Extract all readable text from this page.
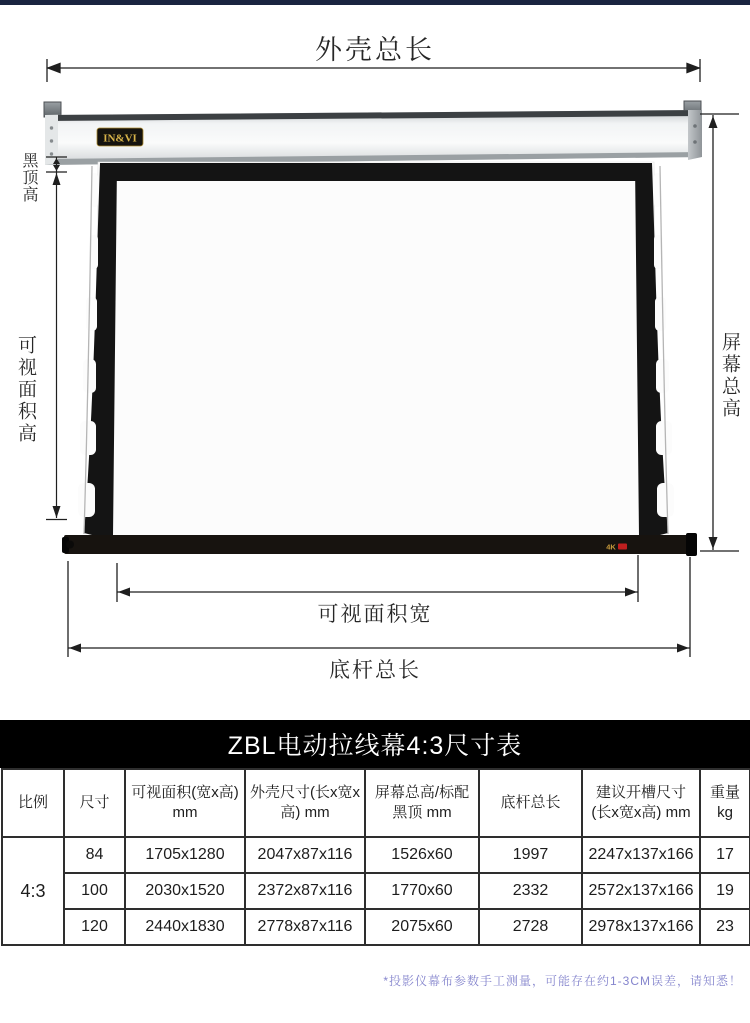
IN&VI
4K
外壳总长
黑顶高
可视面积高	屏幕总高
可视面积宽
底杆总长
ZBL电动拉线幕4:3尺寸表
比例	尺寸	可视面积(宽x高) mm	外壳尺寸(长x宽x高) mm	屏幕总高/标配黑顶 mm	底杆总长	建议开槽尺寸 (长x宽x高) mm	重量kg
4:3	84	1705x1280	2047x87x116	1526x60	1997	2247x137x166	17
	100	2030x1520	2372x87x116	1770x60	2332	2572x137x166	19
	120	2440x1830	2778x87x116	2075x60	2728	2978x137x166	23
*投影仪幕布参数手工测量，可能存在约1-3CM误差，请知悉！
